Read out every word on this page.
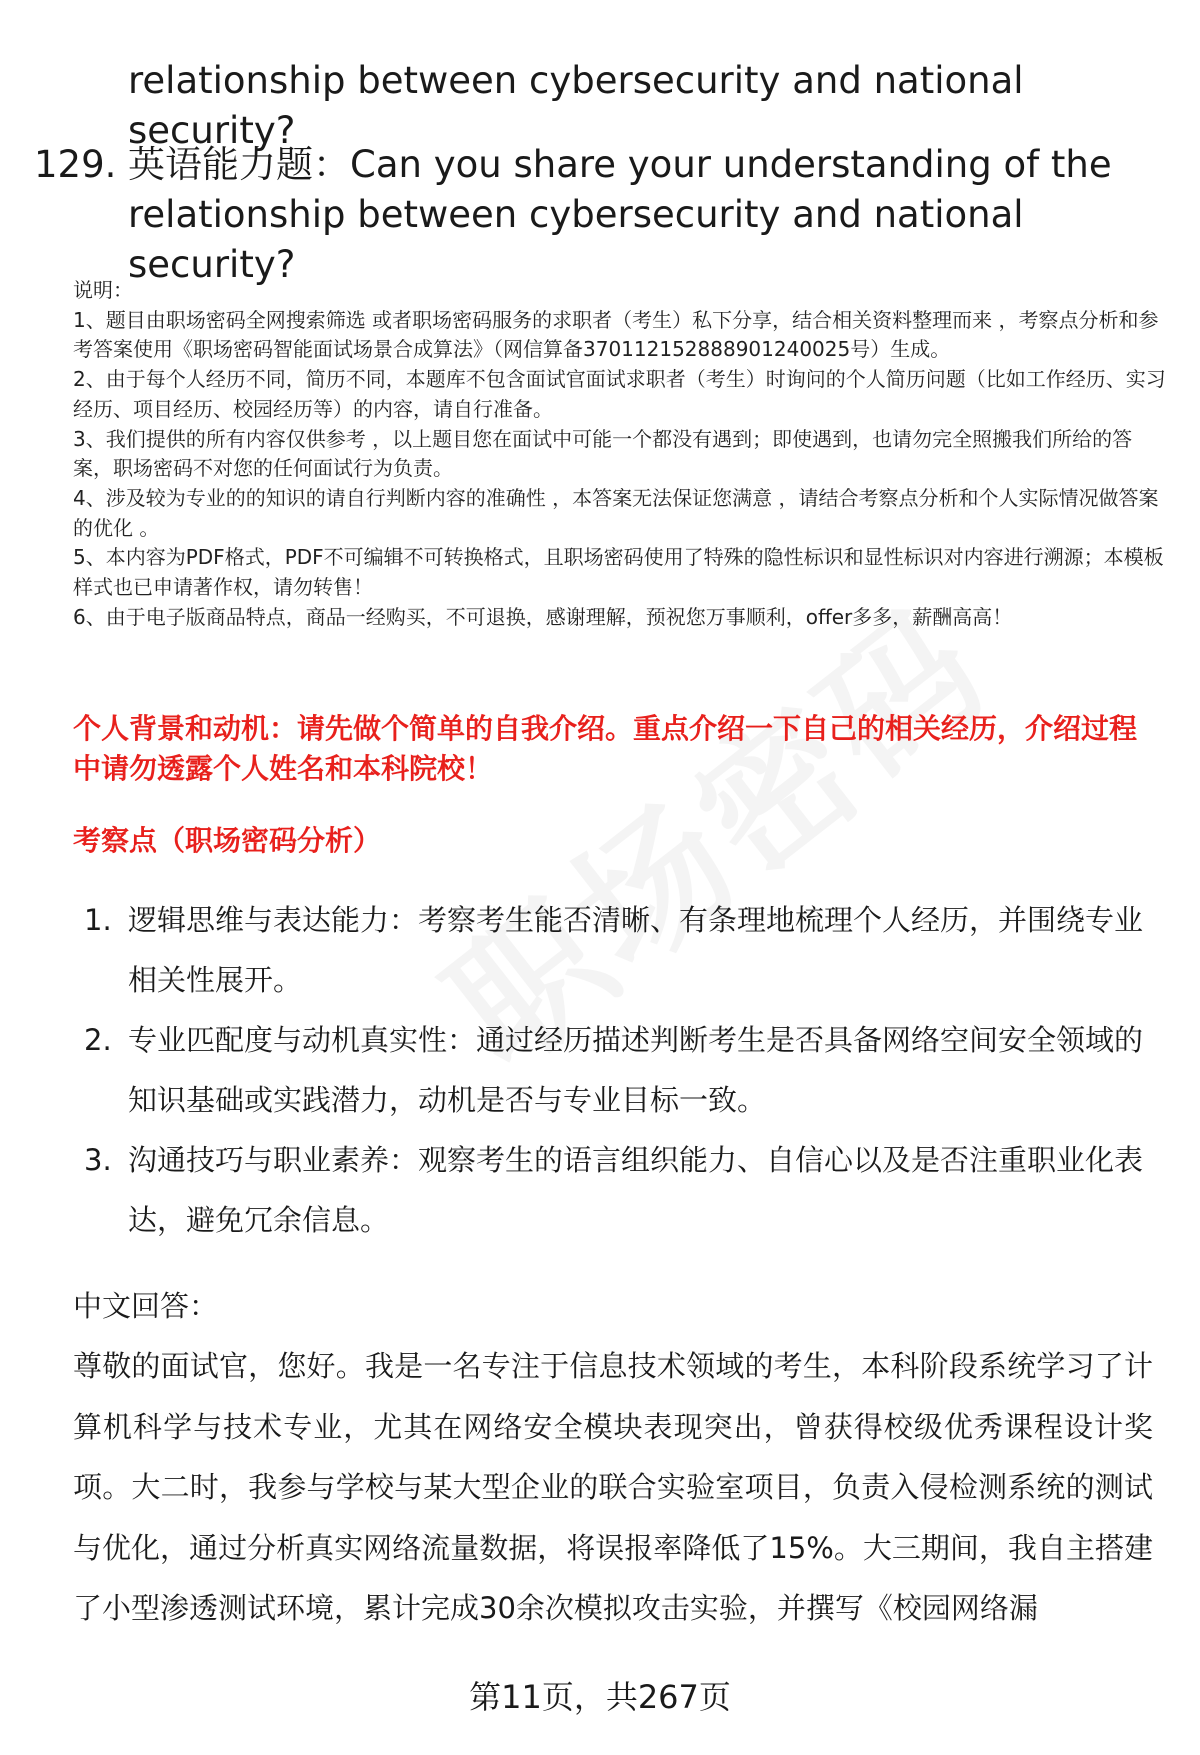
relationship between cybersecurity and national security?
129. 英语能力题：Can you share your understanding of the
relationship between cybersecurity and national security?

说明：

1、题目由职场密码全网搜索筛选 或者职场密码服务的求职者（考生）私下分享，结合相关资料整理而来 ，考察点分析和参考答案使用《职场密码智能面试场景合成算法》（网信算备370112152888901240025号）生成。

2、由于每个人经历不同，简历不同，本题库不包含面试官面试求职者（考生）时询问的个人简历问题（比如工作经历、实习经历、项目经历、校园经历等）的内容，请自行准备。

3、我们提供的所有内容仅供参考 ，以上题目您在面试中可能一个都没有遇到；即使遇到，也请勿完全照搬我们所给的答案，职场密码不对您的任何面试行为负责。

4、涉及较为专业的的知识的请自行判断内容的准确性 ，本答案无法保证您满意 ，请结合考察点分析和个人实际情况做答案的优化 。

5、本内容为PDF格式，PDF不可编辑不可转换格式，且职场密码使用了特殊的隐性标识和显性标识对内容进行溯源；本模板样式也已申请著作权，请勿转售！

6、由于电子版商品特点，商品一经购买，不可退换，感谢理解，预祝您万事顺利，offer多多，薪酬高高！

个人背景和动机：请先做个简单的自我介绍。重点介绍一下自己的相关经历，介绍过程中请勿透露个人姓名和本科院校！
考察点（职场密码分析）
1. 逻辑思维与表达能力：考察考生能否清晰、有条理地梳理个人经历，并围绕专业相关性展开。
2. 专业匹配度与动机真实性：通过经历描述判断考生是否具备网络空间安全领域的知识基础或实践潜力，动机是否与专业目标一致。
3. 沟通技巧与职业素养：观察考生的语言组织能力、自信心以及是否注重职业化表达，避免冗余信息。
中文回答：
尊敬的面试官，您好。我是一名专注于信息技术领域的考生，本科阶段系统学习了计算机科学与技术专业，尤其在网络安全模块表现突出，曾获得校级优秀课程设计奖项。大二时，我参与学校与某大型企业的联合实验室项目，负责入侵检测系统的测试与优化，通过分析真实网络流量数据，将误报率降低了15%。大三期间，我自主搭建了小型渗透测试环境，累计完成30余次模拟攻击实验，并撰写《校园网络漏
第11页，共267页
